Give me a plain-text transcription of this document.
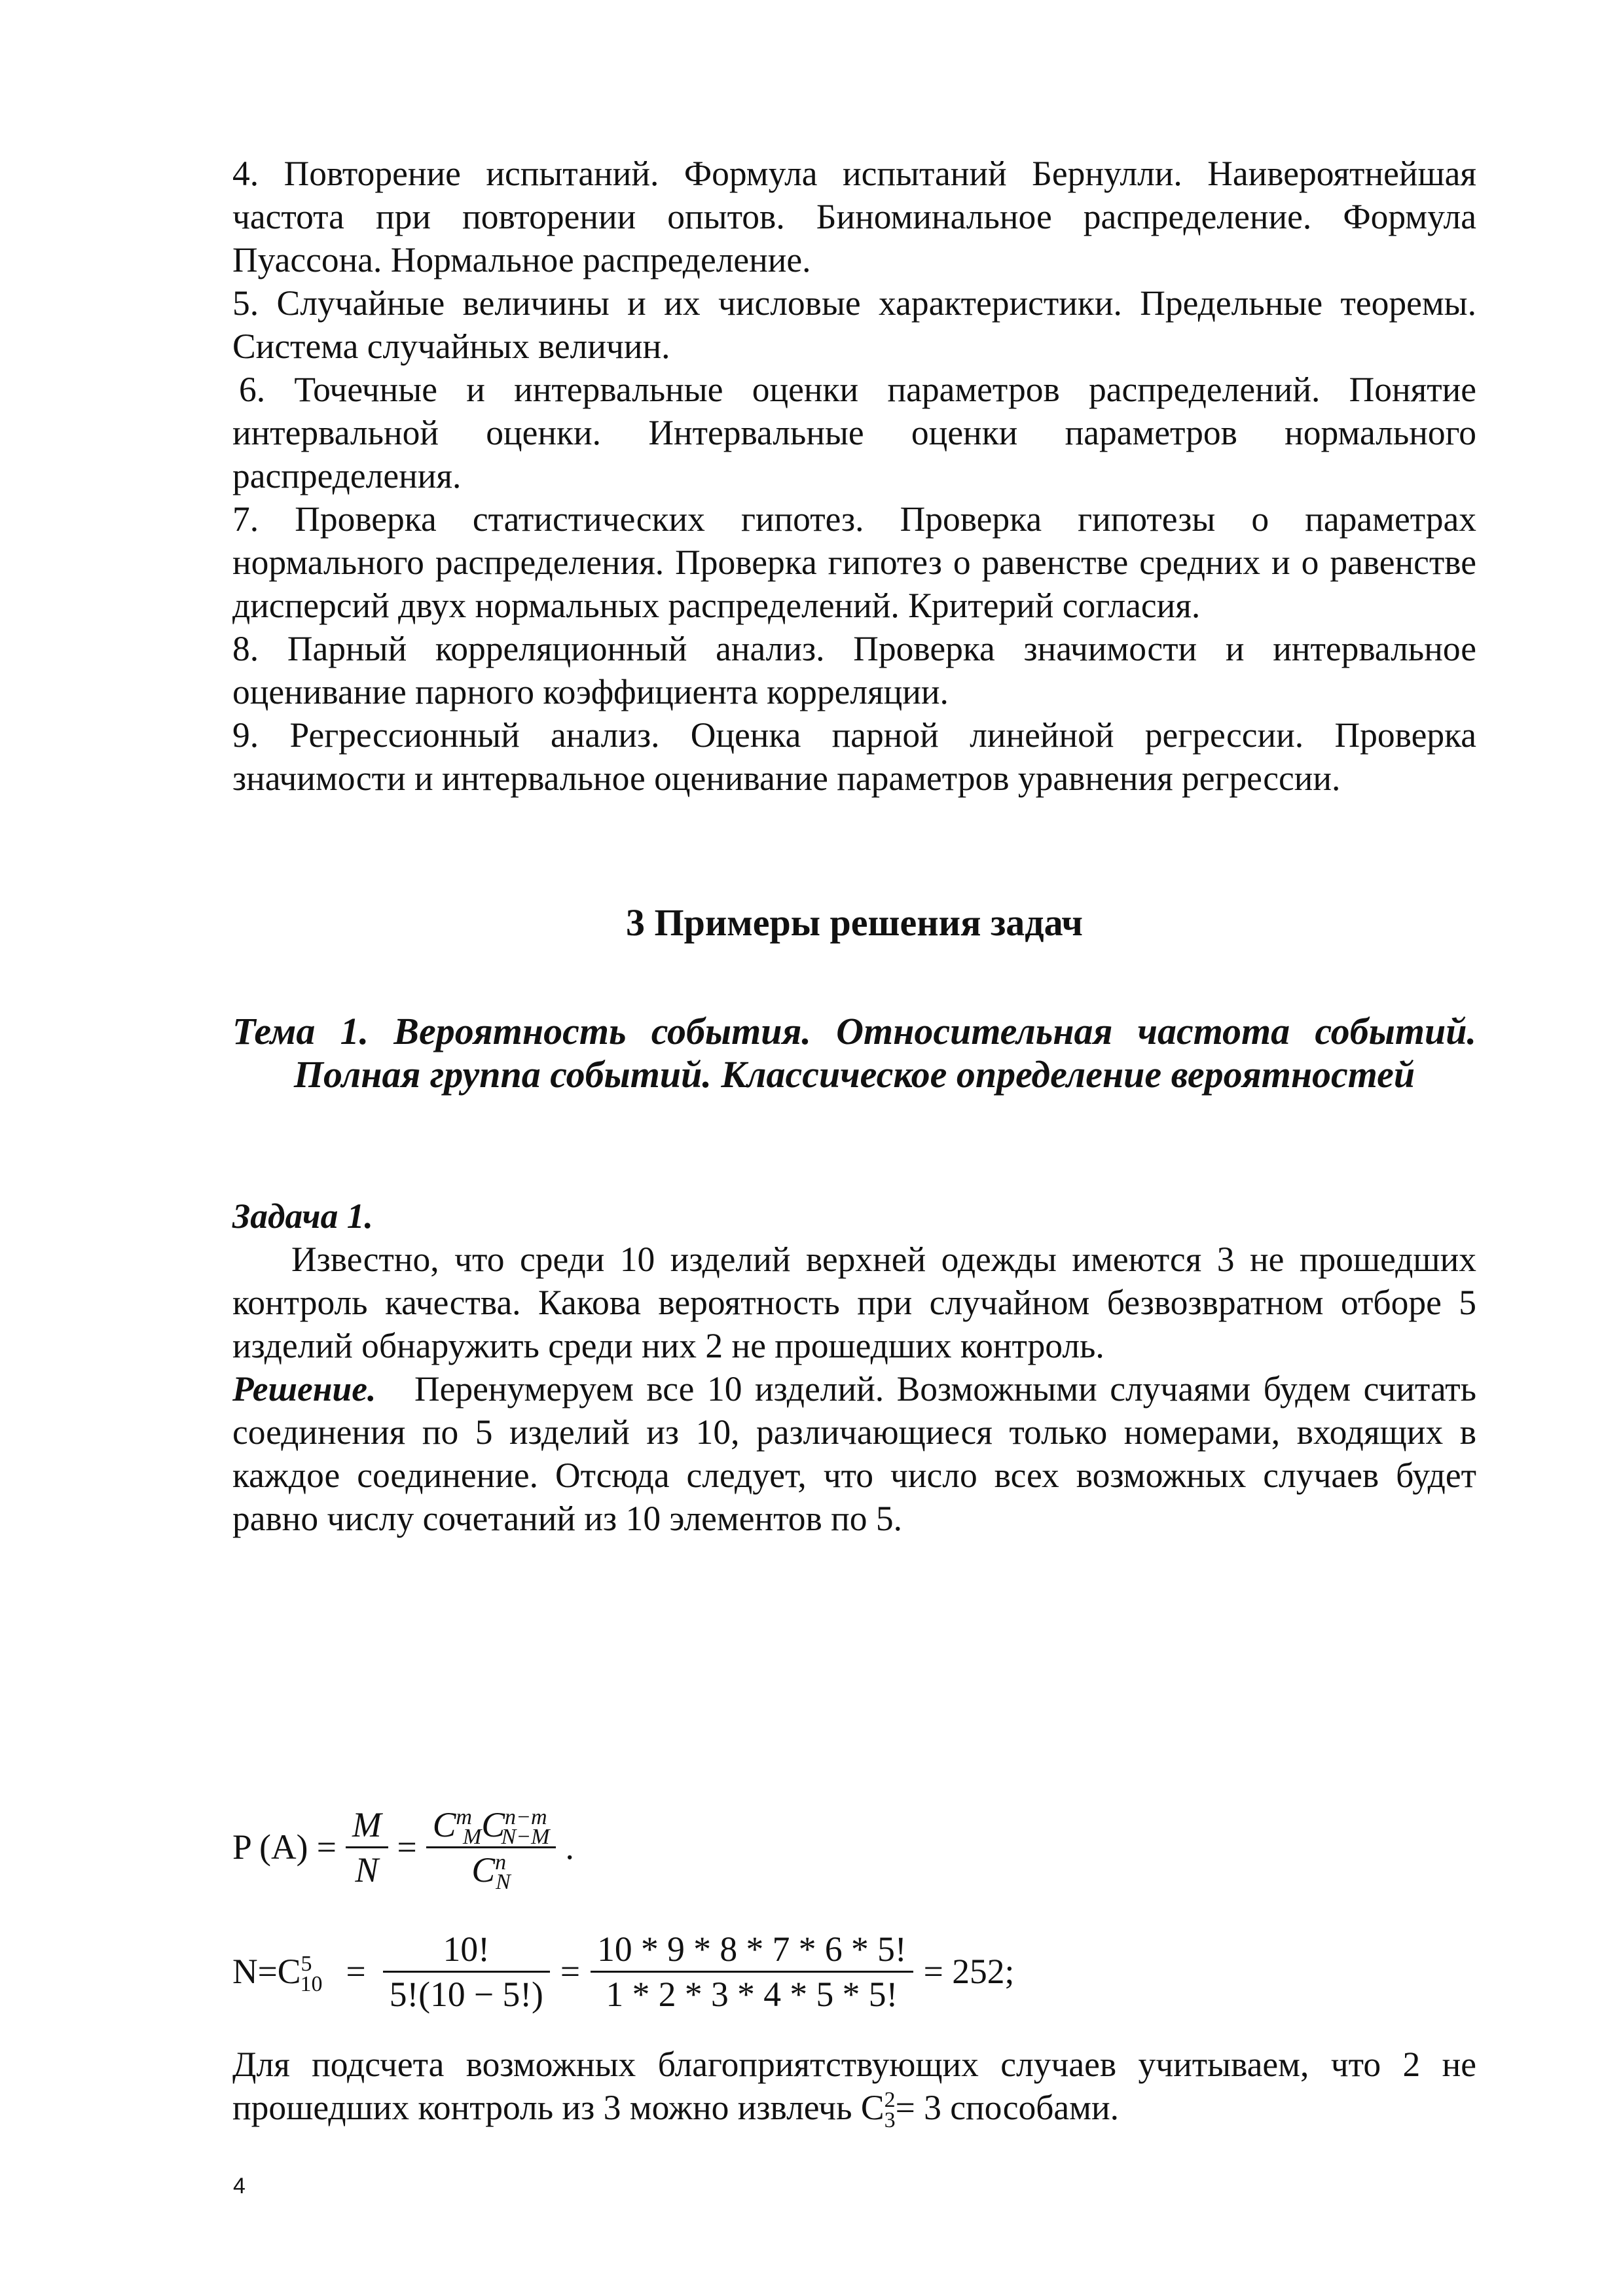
4. Повторение испытаний. Формула испытаний Бернулли. Наивероятнейшая частота при повторении опытов. Биноминальное распределение. Формула Пуассона. Нормальное распределение.

5. Случайные величины и их числовые характеристики. Предельные теоремы. Система случайных величин.

6. Точечные и интервальные оценки параметров распределений. Понятие интервальной оценки. Интервальные оценки параметров нормального распределения.

7. Проверка статистических гипотез. Проверка гипотезы о параметрах нормального распределения. Проверка гипотез о равенстве средних и о равенстве дисперсий двух нормальных распределений. Критерий согласия.

8. Парный корреляционный анализ. Проверка значимости и интервальное оценивание парного коэффициента корреляции.

9. Регрессионный анализ. Оценка парной линейной регрессии. Проверка значимости и интервальное оценивание параметров уравнения регрессии.

3 Примеры решения задач
Тема 1. Вероятность события. Относительная частота событий. Полная группа событий. Классическое определение вероятностей
Задача 1.

Известно, что среди 10 изделий верхней одежды имеются 3 не прошедших контроль качества. Какова вероятность при случайном безвозвратном отборе 5 изделий обнаружить среди них 2 не прошедших контроль.

Решение. Перенумеруем все 10 изделий. Возможными случаями будем считать соединения по 5 изделий из 10, различающиеся только номерами, входящих в каждое соединение. Отсюда следует, что число всех возможных случаев будет равно числу сочетаний из 10 элементов по 5.

P $(A) = \frac{M}{N} = \frac{C^m_MC^{n-m}_{N-M}}{C^n_N}$ .
$N=C^5_{10} = \frac{10!}{5!(10 - 5!)} = \frac{10 * 9 * 8 * 7 * 6 * 5!}{1 * 2 * 3 * 4 * 5 * 5!} = 252$;

Для подсчета возможных благоприятствующих случаев учитываем, что 2 не прошедших контроль из 3 можно извлечь $C^2_3= 3$ способами.

4
